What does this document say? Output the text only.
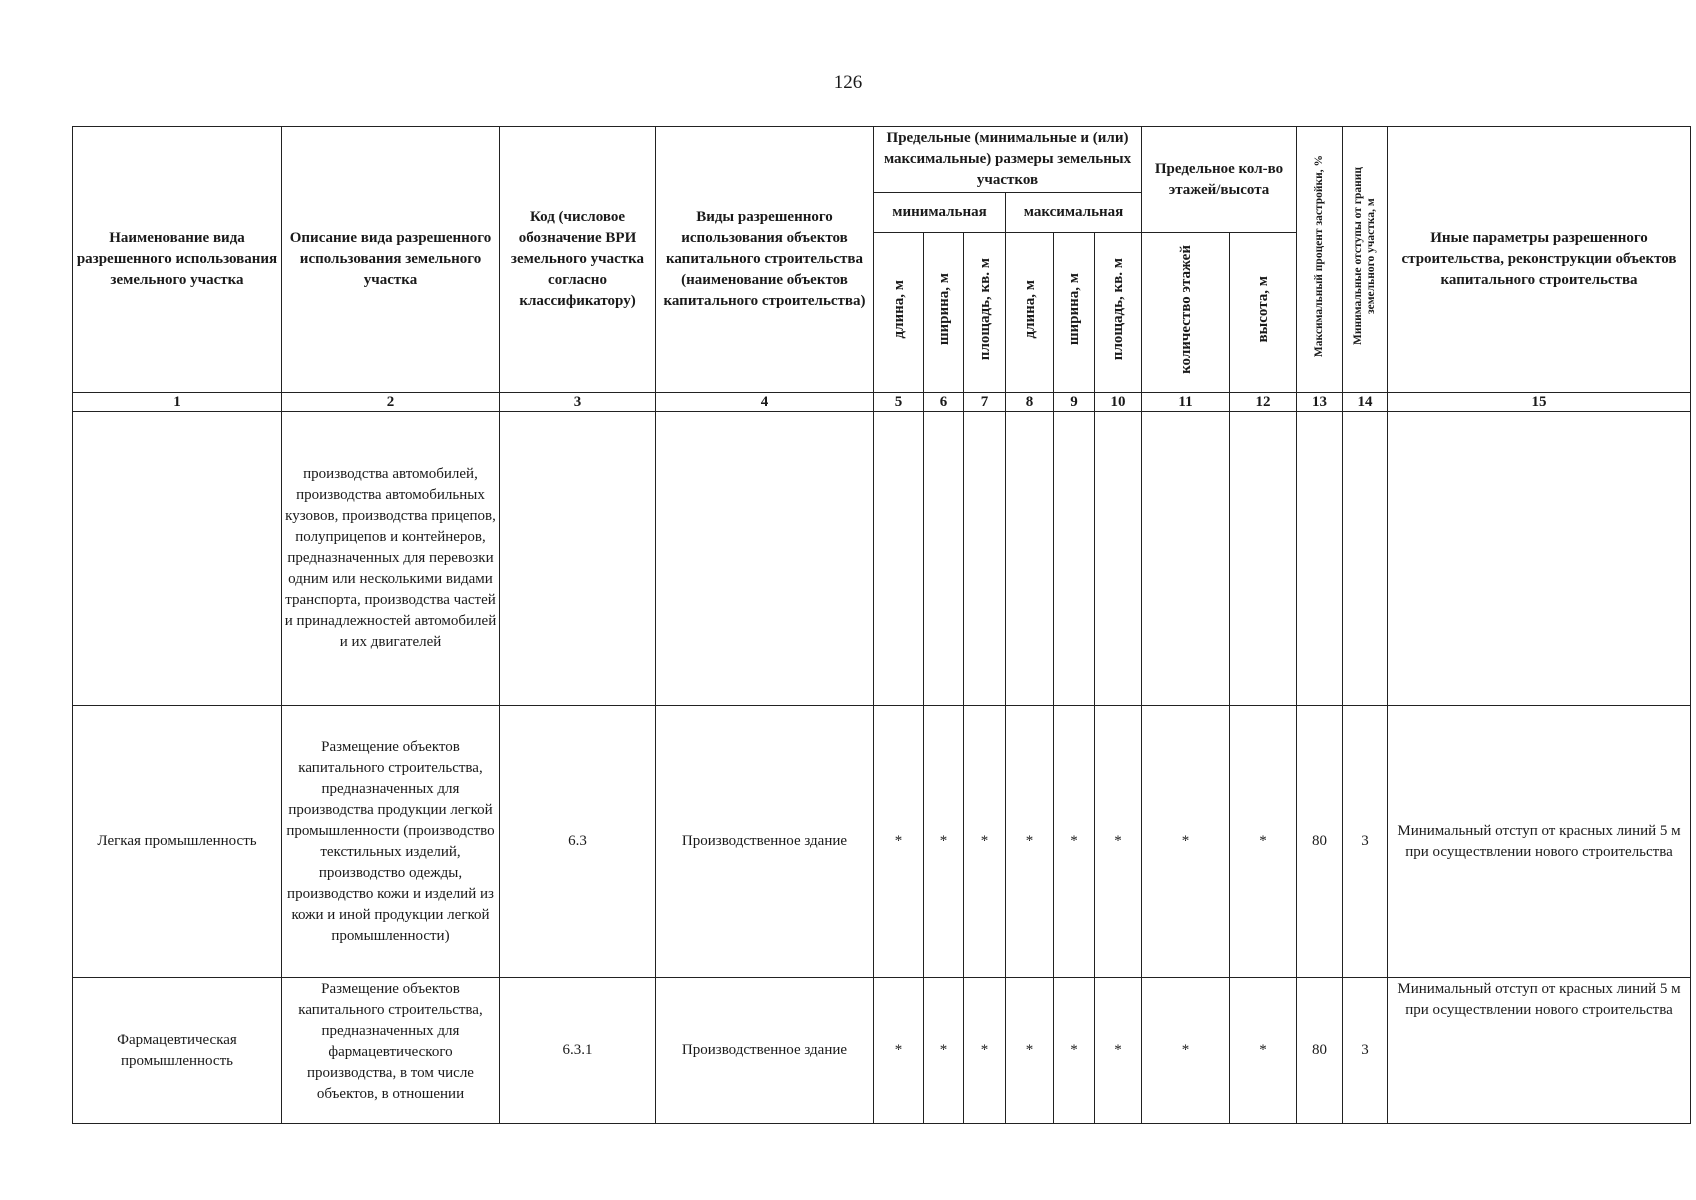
126
Наименование вида разрешенного использования земельного участка	Описание вида разрешенного использования земельного участка	Код (числовое обозначение ВРИ земельного участка согласно классификатору)	Виды разрешенного использования объектов капитального строительства (наименование объектов капитального строительства)	Предельные (минимальные и (или) максимальные) размеры земельных участков						Предельное кол-во этажей/высота		Максимальный процент застройки, %	Минимальные отступы от границ земельного участка, м	Иные параметры разрешенного строительства, реконструкции объектов капитального строительства
				минимальная			максимальная							
				длина, м	ширина, м	площадь, кв. м	длина, м	ширина, м	площадь, кв. м	количество этажей	высота, м			
1	2	3	4	5	6	7	8	9	10	11	12	13	14	15
	производства автомобилей, производства автомобильных кузовов, производства прицепов, полуприцепов и контейнеров, предназначенных для перевозки одним или несколькими видами транспорта, производства частей и принадлежностей автомобилей и их двигателей													
Легкая промышленность	Размещение объектов капитального строительства, предназначенных для производства продукции легкой промышленности (производство текстильных изделий, производство одежды, производство кожи и изделий из кожи и иной продукции легкой промышленности)	6.3	Производственное здание	*	*	*	*	*	*	*	*	80	3	Минимальный отступ от красных линий 5 м при осуществлении нового строительства
Фармацевтическая промышленность	Размещение объектов капитального строительства, предназначенных для фармацевтического производства, в том числе объектов, в отношении	6.3.1	Производственное здание	*	*	*	*	*	*	*	*	80	3	Минимальный отступ от красных линий 5 м при осуществлении нового строительства
